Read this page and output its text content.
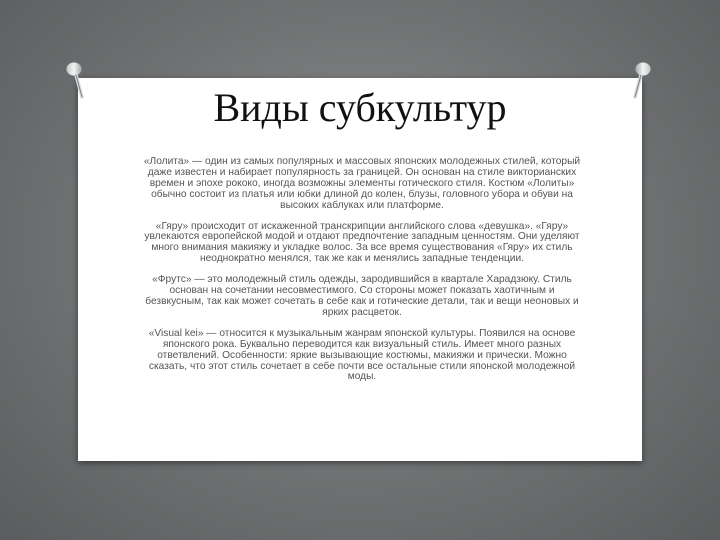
Виды субкультур

«Лолита» — один из самых популярных и массовых японских молодежных стилей, который даже известен и набирает популярность за границей. Он основан на стиле викторианских времен и эпохе рококо, иногда возможны элементы готического стиля. Костюм «Лолиты» обычно состоит из платья или юбки длиной до колен, блузы, головного убора и обуви на высоких каблуках или платформе.

«Гяру» происходит от искаженной транскрипции английского слова «девушка». «Гяру» увлекаются европейской модой и отдают предпочтение западным ценностям. Они уделяют много внимания макияжу и укладке волос. За все время существования «Гяру» их стиль неоднократно менялся, так же как и менялись западные тенденции.

«Фрутс» — это молодежный стиль одежды, зародившийся в квартале Харадзюку. Стиль основан на сочетании несовместимого. Со стороны может показать хаотичным и безвкусным, так как может сочетать в себе как и готические детали, так и вещи неоновых и ярких расцветок.

«Visual kei» — относится к музыкальным жанрам японской культуры. Появился на основе японского рока. Буквально переводится как визуальный стиль. Имеет много разных ответвлений. Особенности: яркие вызывающие костюмы, макияжи и прически. Можно сказать, что этот стиль сочетает в себе почти все остальные стили японской молодежной моды.
